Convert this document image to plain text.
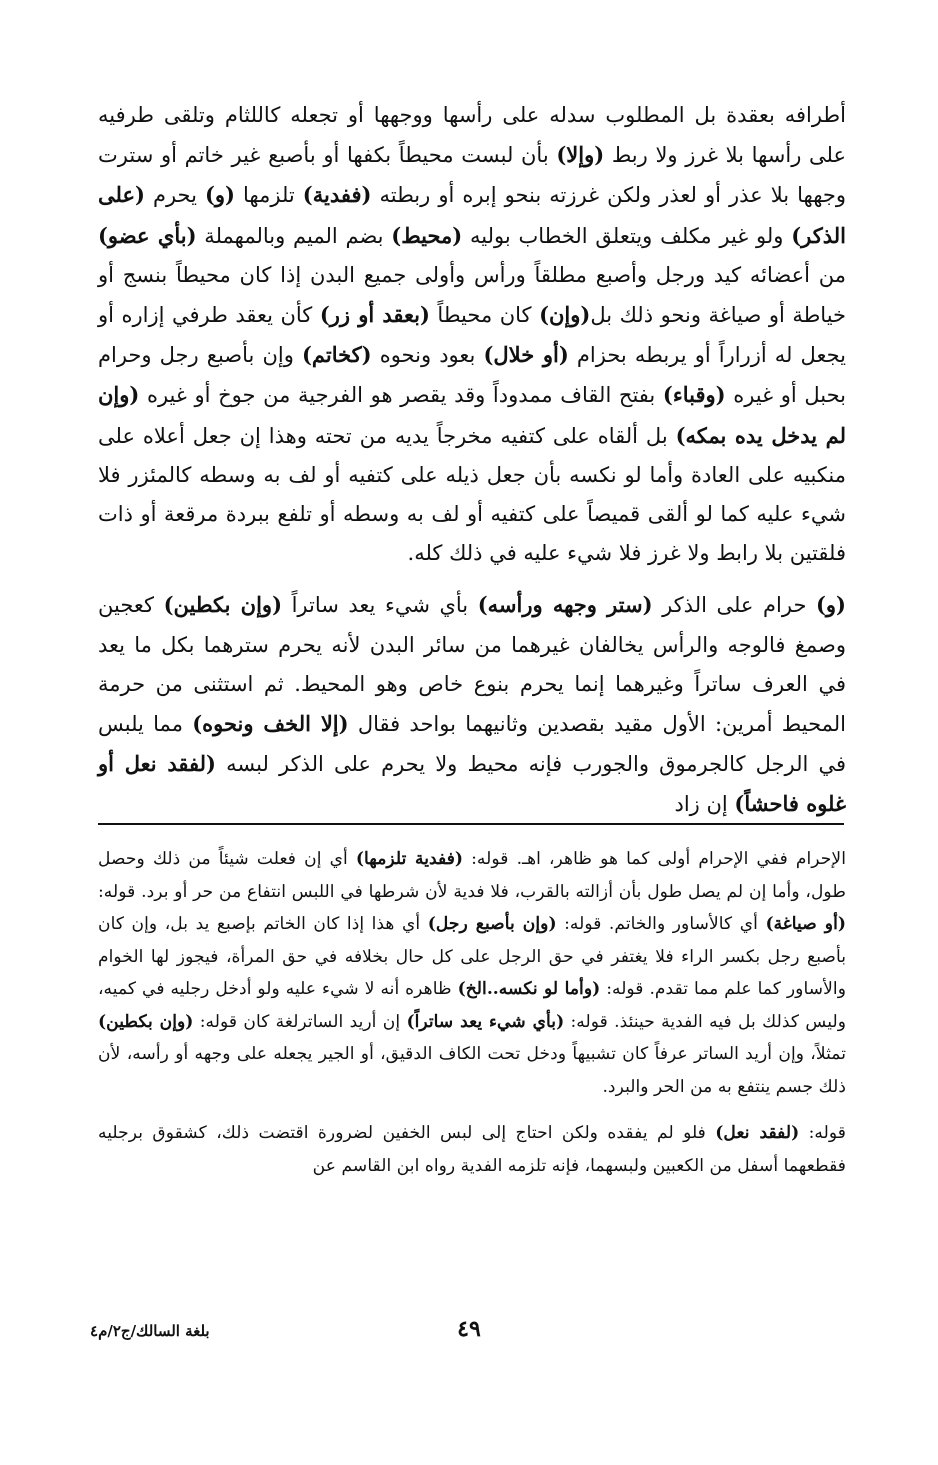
أطرافه بعقدة بل المطلوب سدله على رأسها ووجهها أو تجعله كاللثام وتلقى طرفيه على رأسها بلا غرز ولا ربط (وإلا) بأن لبست محيطاً بكفها أو بأصبع غير خاتم أو سترت وجهها بلا عذر أو لعذر ولكن غرزته بنحو إبره أو ربطته (ففدية) تلزمها (و) يحرم (على الذكر) ولو غير مكلف ويتعلق الخطاب بوليه (محيط) بضم الميم وبالمهملة (بأي عضو) من أعضائه كيد ورجل وأصبع مطلقاً ورأس وأولى جميع البدن إذا كان محيطاً بنسج أو خياطة أو صياغة ونحو ذلك بل(وإن) كان محيطاً (بعقد أو زر) كأن يعقد طرفي إزاره أو يجعل له أزراراً أو يربطه بحزام (أو خلال) بعود ونحوه (كخاتم) وإن بأصبع رجل وحرام بحبل أو غيره (وقباء) بفتح القاف ممدوداً وقد يقصر هو الفرجية من جوخ أو غيره (وإن لم يدخل يده بمكه) بل ألقاه على كتفيه مخرجاً يديه من تحته وهذا إن جعل أعلاه على منكبيه على العادة وأما لو نكسه بأن جعل ذيله على كتفيه أو لف به وسطه كالمئزر فلا شيء عليه كما لو ألقى قميصاً على كتفيه أو لف به وسطه أو تلفع ببردة مرقعة أو ذات فلقتين بلا رابط ولا غرز فلا شيء عليه في ذلك كله.

(و) حرام على الذكر (ستر وجهه ورأسه) بأي شيء يعد ساتراً (وإن بكطين) كعجين وصمغ فالوجه والرأس يخالفان غيرهما من سائر البدن لأنه يحرم سترهما بكل ما يعد في العرف ساتراً وغيرهما إنما يحرم بنوع خاص وهو المحيط. ثم استثنى من حرمة المحيط أمرين: الأول مقيد بقصدين وثانيهما بواحد فقال (إلا الخف ونحوه) مما يلبس في الرجل كالجرموق والجورب فإنه محيط ولا يحرم على الذكر لبسه (لفقد نعل أو غلوه فاحشاً) إن زاد

الإحرام ففي الإحرام أولى كما هو ظاهر، اهـ. قوله: (ففدية تلزمها) أي إن فعلت شيئاً من ذلك وحصل طول، وأما إن لم يصل طول بأن أزالته بالقرب، فلا فدية لأن شرطها في اللبس انتفاع من حر أو برد. قوله: (أو صياغة) أي كالأساور والخاتم. قوله: (وإن بأصبع رجل) أي هذا إذا كان الخاتم بإصبع يد بل، وإن كان بأصبع رجل بكسر الراء فلا يغتفر في حق الرجل على كل حال بخلافه في حق المرأة، فيجوز لها الخوام والأساور كما علم مما تقدم. قوله: (وأما لو نكسه..الخ) ظاهره أنه لا شيء عليه ولو أدخل رجليه في كميه، وليس كذلك بل فيه الفدية حينئذ. قوله: (بأي شيء يعد ساتراً) إن أريد الساترلغة كان قوله: (وإن بكطين) تمثلاً، وإن أريد الساتر عرفاً كان تشبيهاً ودخل تحت الكاف الدقيق، أو الجير يجعله على وجهه أو رأسه، لأن ذلك جسم ينتفع به من الحر والبرد.

قوله: (لفقد نعل) فلو لم يفقده ولكن احتاج إلى لبس الخفين لضرورة اقتضت ذلك، كشقوق برجليه فقطعهما أسفل من الكعبين ولبسهما، فإنه تلزمه الفدية رواه ابن القاسم عن

٤٩
بلغة السالك/ج٢/م٤
